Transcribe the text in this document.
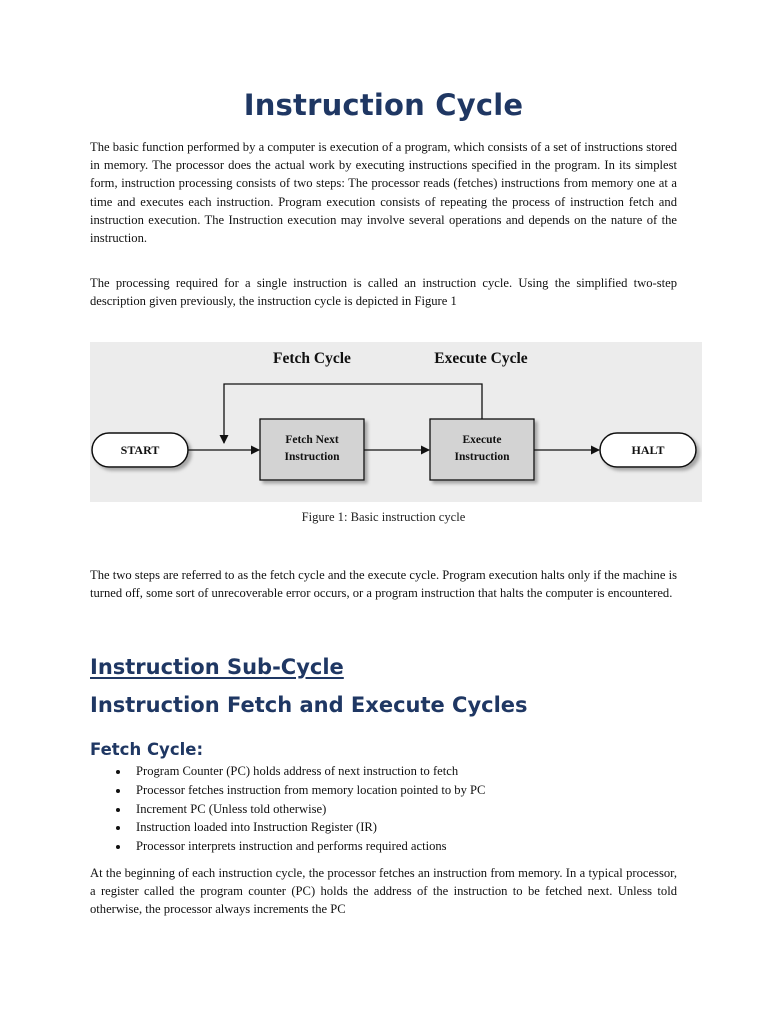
Instruction Cycle

The basic function performed by a computer is execution of a program, which consists of a set of instructions stored in memory. The processor does the actual work by executing instructions specified in the program. In its simplest form, instruction processing consists of two steps: The processor reads (fetches) instructions from memory one at a time and executes each instruction. Program execution consists of repeating the process of instruction fetch and instruction execution. The Instruction execution may involve several operations and depends on the nature of the instruction.

The processing required for a single instruction is called an instruction cycle. Using the simplified two-step description given previously, the instruction cycle is depicted in Figure 1

Fetch Cycle	Execute Cycle
START
Fetch Next
Instruction
Execute
Instruction	HALT
Figure 1: Basic instruction cycle

The two steps are referred to as the fetch cycle and the execute cycle. Program execution halts only if the machine is turned off, some sort of unrecoverable error occurs, or a program instruction that halts the computer is encountered.

Instruction Sub-Cycle
Instruction Fetch and Execute Cycles
Fetch Cycle:
Program Counter (PC) holds address of next instruction to fetch
Processor fetches instruction from memory location pointed to by PC
Increment PC (Unless told otherwise)
Instruction loaded into Instruction Register (IR)
Processor interprets instruction and performs required actions

At the beginning of each instruction cycle, the processor fetches an instruction from memory. In a typical processor, a register called the program counter (PC) holds the address of the instruction to be fetched next. Unless told otherwise, the processor always increments the PC
